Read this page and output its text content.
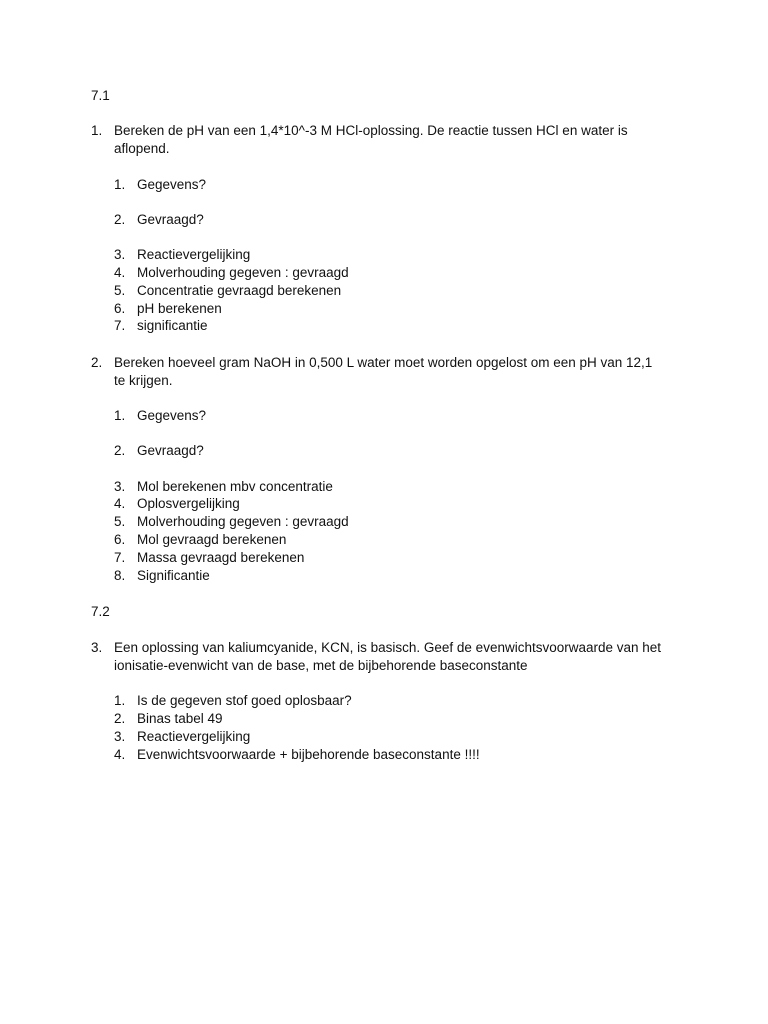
7.1
1. Bereken de pH van een 1,4*10^-3 M HCl-oplossing. De reactie tussen HCl en water is aflopend.
1. Gegevens?
2. Gevraagd?
3. Reactievergelijking
4. Molverhouding gegeven : gevraagd
5. Concentratie gevraagd berekenen
6. pH berekenen
7. significantie
2. Bereken hoeveel gram NaOH in 0,500 L water moet worden opgelost om een pH van 12,1 te krijgen.
1. Gegevens?
2. Gevraagd?
3. Mol berekenen mbv concentratie
4. Oplosvergelijking
5. Molverhouding gegeven : gevraagd
6. Mol gevraagd berekenen
7. Massa gevraagd berekenen
8. Significantie
7.2
3. Een oplossing van kaliumcyanide, KCN, is basisch. Geef de evenwichtsvoorwaarde van het ionisatie-evenwicht van de base, met de bijbehorende baseconstante
1. Is de gegeven stof goed oplosbaar?
2. Binas tabel 49
3. Reactievergelijking
4. Evenwichtsvoorwaarde + bijbehorende baseconstante !!!!
